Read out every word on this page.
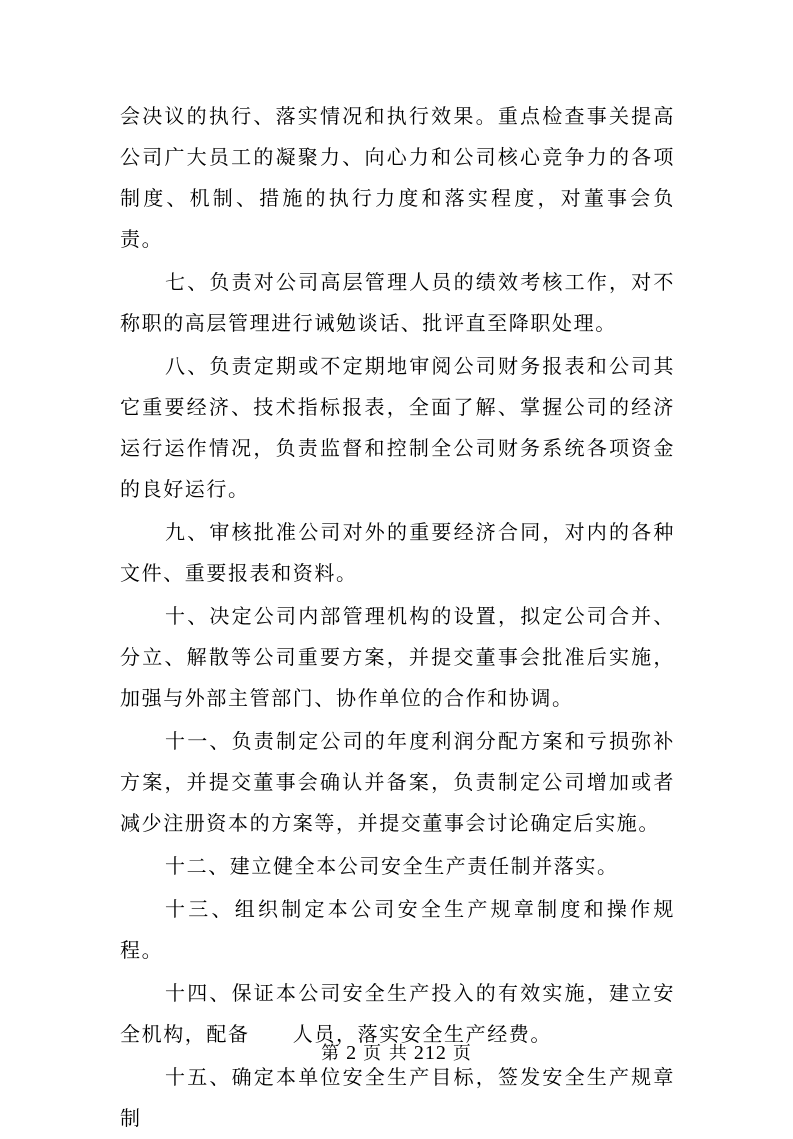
会决议的执行、落实情况和执行效果。重点检查事关提高公司广大员工的凝聚力、向心力和公司核心竞争力的各项制度、机制、措施的执行力度和落实程度，对董事会负责。

七、负责对公司高层管理人员的绩效考核工作，对不称职的高层管理进行诫勉谈话、批评直至降职处理。

八、负责定期或不定期地审阅公司财务报表和公司其它重要经济、技术指标报表，全面了解、掌握公司的经济运行运作情况，负责监督和控制全公司财务系统各项资金的良好运行。

九、审核批准公司对外的重要经济合同，对内的各种文件、重要报表和资料。

十、决定公司内部管理机构的设置，拟定公司合并、分立、解散等公司重要方案，并提交董事会批准后实施，加强与外部主管部门、协作单位的合作和协调。

十一、负责制定公司的年度利润分配方案和亏损弥补方案，并提交董事会确认并备案，负责制定公司增加或者减少注册资本的方案等，并提交董事会讨论确定后实施。

十二、建立健全本公司安全生产责任制并落实。

十三、组织制定本公司安全生产规章制度和操作规程。

十四、保证本公司安全生产投入的有效实施，建立安全机构，配备　　人员，落实安全生产经费。

十五、确定本单位安全生产目标，签发安全生产规章制

第 2 页 共 212 页
